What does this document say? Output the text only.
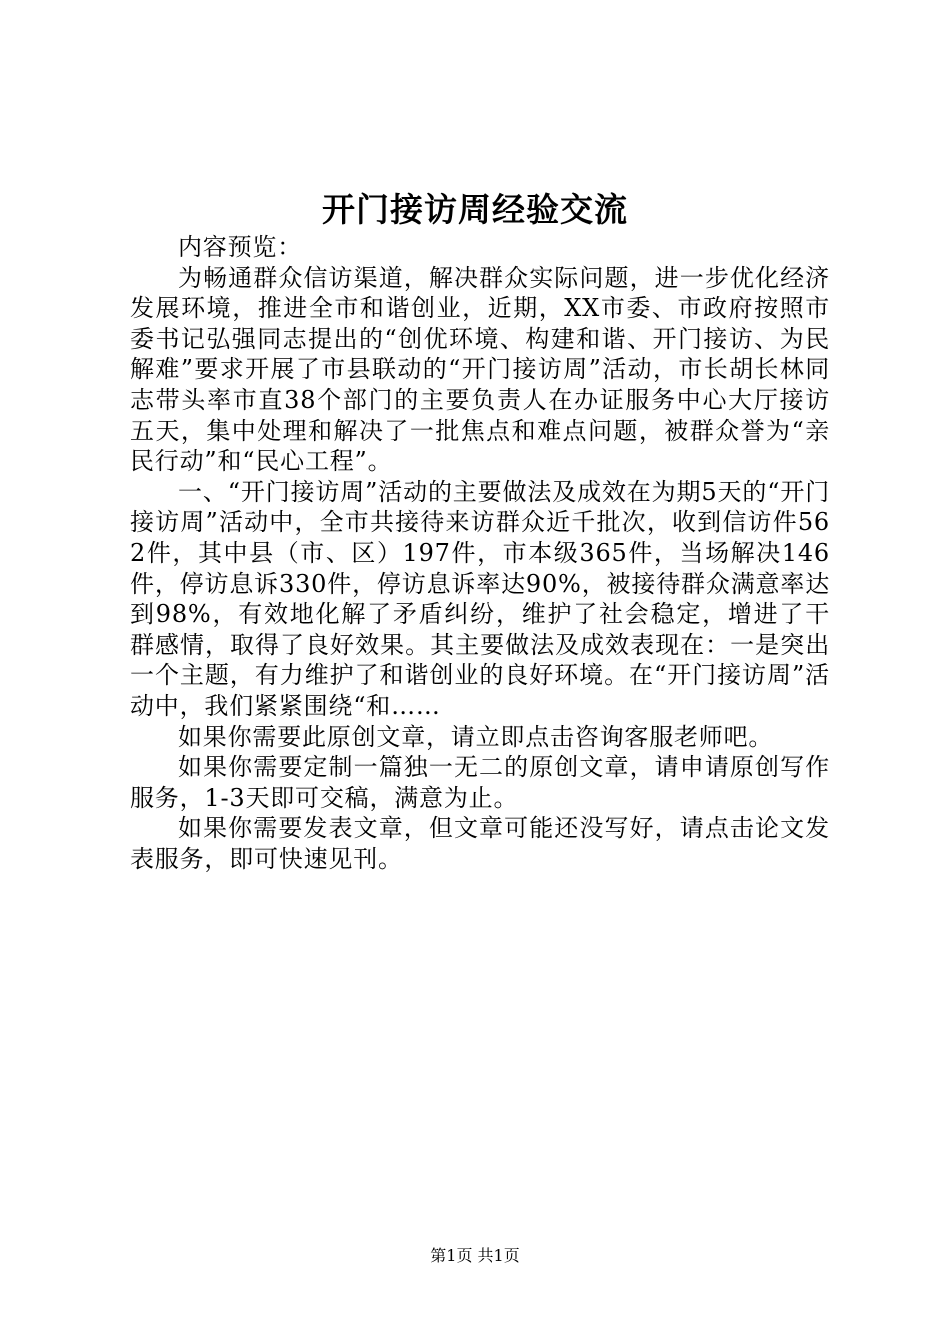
开门接访周经验交流

内容预览：

为畅通群众信访渠道，解决群众实际问题，进一步优化经济发展环境，推进全市和谐创业，近期，XX市委、市政府按照市委书记弘强同志提出的“创优环境、构建和谐、开门接访、为民解难”要求开展了市县联动的“开门接访周”活动，市长胡长林同志带头率市直38个部门的主要负责人在办证服务中心大厅接访五天，集中处理和解决了一批焦点和难点问题，被群众誉为“亲民行动”和“民心工程”。

一、“开门接访周”活动的主要做法及成效在为期5天的“开门接访周”活动中，全市共接待来访群众近千批次，收到信访件562件，其中县（市、区）197件，市本级365件，当场解决146件，停访息诉330件，停访息诉率达90%，被接待群众满意率达到98%，有效地化解了矛盾纠纷，维护了社会稳定，增进了干群感情，取得了良好效果。其主要做法及成效表现在：一是突出一个主题，有力维护了和谐创业的良好环境。在“开门接访周”活动中，我们紧紧围绕“和……

如果你需要此原创文章，请立即点击咨询客服老师吧。

如果你需要定制一篇独一无二的原创文章，请申请原创写作服务，1-3天即可交稿，满意为止。

如果你需要发表文章，但文章可能还没写好，请点击论文发表服务，即可快速见刊。

第1页 共1页
